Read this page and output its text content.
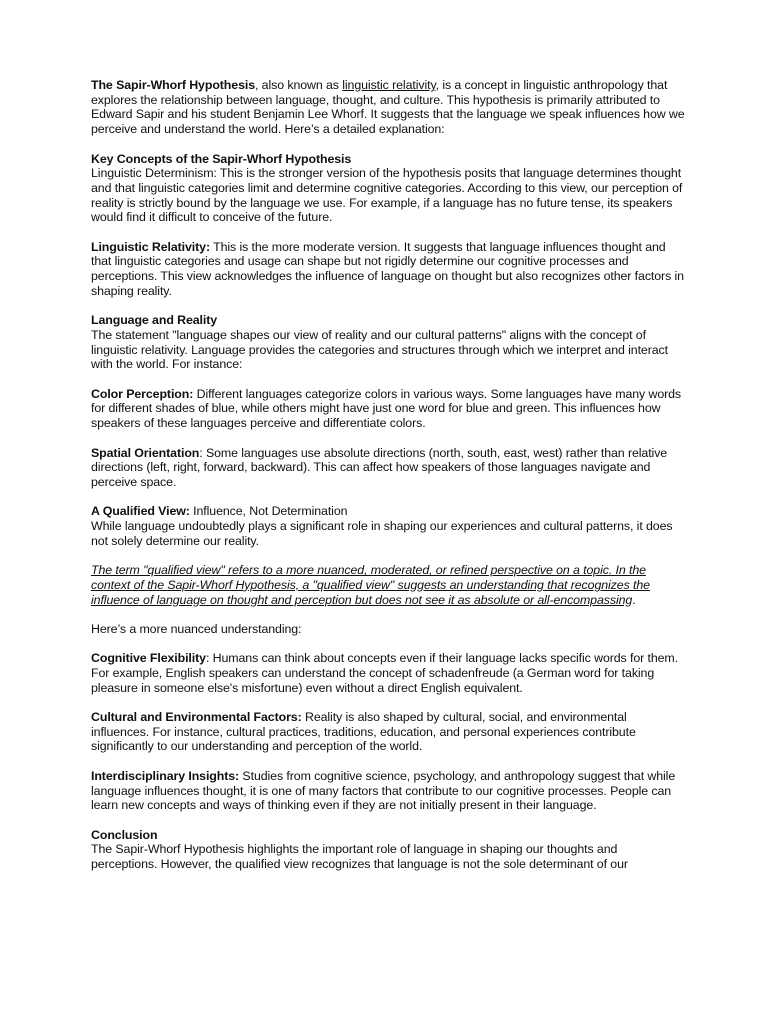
The Sapir-Whorf Hypothesis, also known as linguistic relativity, is a concept in linguistic anthropology that explores the relationship between language, thought, and culture. This hypothesis is primarily attributed to Edward Sapir and his student Benjamin Lee Whorf. It suggests that the language we speak influences how we perceive and understand the world. Here’s a detailed explanation:

Key Concepts of the Sapir-Whorf Hypothesis
Linguistic Determinism: This is the stronger version of the hypothesis posits that language determines thought and that linguistic categories limit and determine cognitive categories. According to this view, our perception of reality is strictly bound by the language we use. For example, if a language has no future tense, its speakers would find it difficult to conceive of the future.

Linguistic Relativity: This is the more moderate version. It suggests that language influences thought and that linguistic categories and usage can shape but not rigidly determine our cognitive processes and perceptions. This view acknowledges the influence of language on thought but also recognizes other factors in shaping reality.

Language and Reality
The statement "language shapes our view of reality and our cultural patterns" aligns with the concept of linguistic relativity. Language provides the categories and structures through which we interpret and interact with the world. For instance:

Color Perception: Different languages categorize colors in various ways. Some languages have many words for different shades of blue, while others might have just one word for blue and green. This influences how speakers of these languages perceive and differentiate colors.

Spatial Orientation: Some languages use absolute directions (north, south, east, west) rather than relative directions (left, right, forward, backward). This can affect how speakers of those languages navigate and perceive space.

A Qualified View: Influence, Not Determination
While language undoubtedly plays a significant role in shaping our experiences and cultural patterns, it does not solely determine our reality.

The term "qualified view" refers to a more nuanced, moderated, or refined perspective on a topic. In the context of the Sapir-Whorf Hypothesis, a "qualified view" suggests an understanding that recognizes the influence of language on thought and perception but does not see it as absolute or all-encompassing.

Here’s a more nuanced understanding:

Cognitive Flexibility: Humans can think about concepts even if their language lacks specific words for them. For example, English speakers can understand the concept of schadenfreude (a German word for taking pleasure in someone else's misfortune) even without a direct English equivalent.

Cultural and Environmental Factors: Reality is also shaped by cultural, social, and environmental influences. For instance, cultural practices, traditions, education, and personal experiences contribute significantly to our understanding and perception of the world.

Interdisciplinary Insights: Studies from cognitive science, psychology, and anthropology suggest that while language influences thought, it is one of many factors that contribute to our cognitive processes. People can learn new concepts and ways of thinking even if they are not initially present in their language.

Conclusion
The Sapir-Whorf Hypothesis highlights the important role of language in shaping our thoughts and perceptions. However, the qualified view recognizes that language is not the sole determinant of our
